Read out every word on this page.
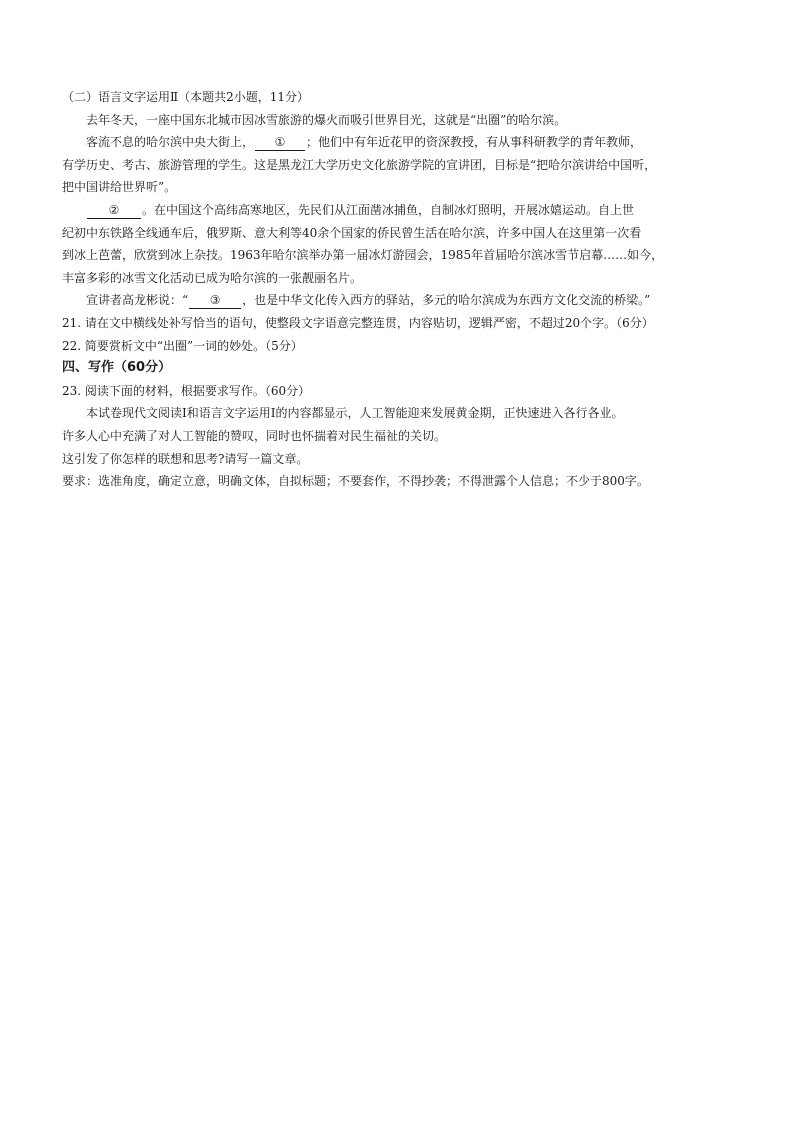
（二）语言文字运用Ⅱ（本题共2小题，11分）
去年冬天，一座中国东北城市因冰雪旅游的爆火而吸引世界目光，这就是“出圈”的哈尔滨。
客流不息的哈尔滨中央大街上， ① ；他们中有年近花甲的资深教授，有从事科研教学的青年教师，
有学历史、考古、旅游管理的学生。这是黑龙江大学历史文化旅游学院的宣讲团，目标是“把哈尔滨讲给中国听，
把中国讲给世界听”。
② 。在中国这个高纬高寒地区，先民们从江面凿冰捕鱼，自制冰灯照明，开展冰嬉运动。自上世
纪初中东铁路全线通车后，俄罗斯、意大利等40余个国家的侨民曾生活在哈尔滨，许多中国人在这里第一次看
到冰上芭蕾，欣赏到冰上杂技。1963年哈尔滨举办第一届冰灯游园会，1985年首届哈尔滨冰雪节启幕……如今，
丰富多彩的冰雪文化活动已成为哈尔滨的一张靓丽名片。
宣讲者高龙彬说：“ ③ ，也是中华文化传入西方的驿站，多元的哈尔滨成为东西方文化交流的桥梁。”
21. 请在文中横线处补写恰当的语句，使整段文字语意完整连贯，内容贴切，逻辑严密，不超过20个字。（6分）
22. 简要赏析文中“出圈”一词的妙处。（5分）
四、写作（60分）
23. 阅读下面的材料，根据要求写作。（60分）
本试卷现代文阅读Ⅰ和语言文字运用Ⅰ的内容都显示，人工智能迎来发展黄金期，正快速进入各行各业。
许多人心中充满了对人工智能的赞叹，同时也怀揣着对民生福祉的关切。
这引发了你怎样的联想和思考?请写一篇文章。
要求：选准角度，确定立意，明确文体，自拟标题；不要套作，不得抄袭；不得泄露个人信息；不少于800字。
